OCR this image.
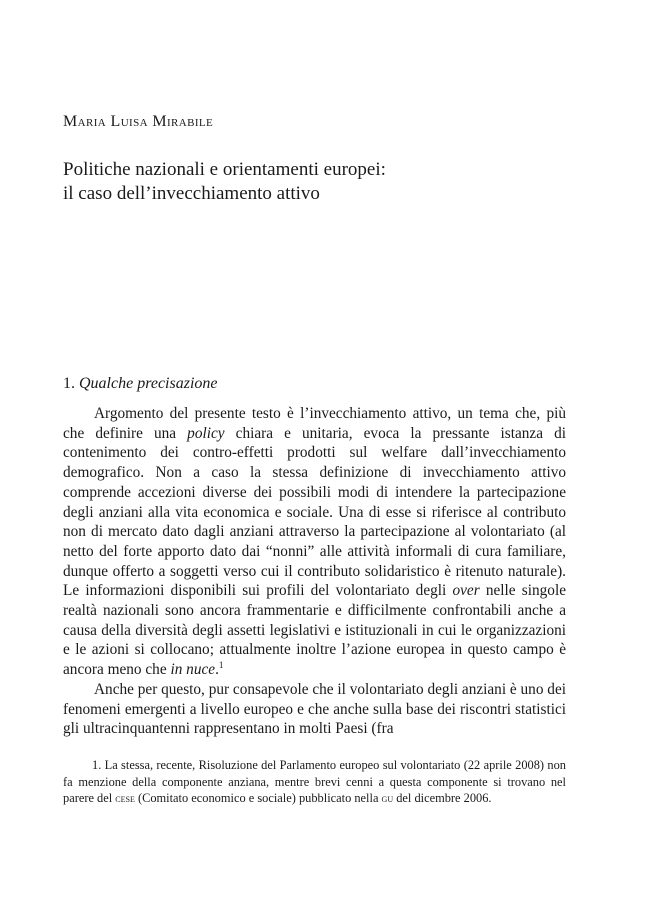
Maria Luisa Mirabile
Politiche nazionali e orientamenti europei:
il caso dell’invecchiamento attivo
1. Qualche precisazione

Argomento del presente testo è l’invecchiamento attivo, un tema che, più che definire una policy chiara e unitaria, evoca la pressante istanza di contenimento dei contro-effetti prodotti sul welfare dall’invecchiamento demografico. Non a caso la stessa definizione di invecchiamento attivo comprende accezioni diverse dei possibili modi di intendere la partecipazione degli anziani alla vita economica e sociale. Una di esse si riferisce al contributo non di mercato dato dagli anziani attraverso la partecipazione al volontariato (al netto del forte apporto dato dai “nonni” alle attività informali di cura familiare, dunque offerto a soggetti verso cui il contributo solidaristico è ritenuto naturale). Le informazioni disponibili sui profili del volontariato degli over nelle singole realtà nazionali sono ancora frammentarie e difficilmente confrontabili anche a causa della diversità degli assetti legislativi e istituzionali in cui le organizzazioni e le azioni si collocano; attualmente inoltre l’azione europea in questo campo è ancora meno che in nuce.$^1$

Anche per questo, pur consapevole che il volontariato degli anziani è uno dei fenomeni emergenti a livello europeo e che anche sulla base dei riscontri statistici gli ultracinquantenni rappresentano in molti Paesi (fra

1. La stessa, recente, Risoluzione del Parlamento europeo sul volontariato (22 aprile 2008) non fa menzione della componente anziana, mentre brevi cenni a questa componente si trovano nel parere del cese (Comitato economico e sociale) pubblicato nella gu del dicembre 2006.
